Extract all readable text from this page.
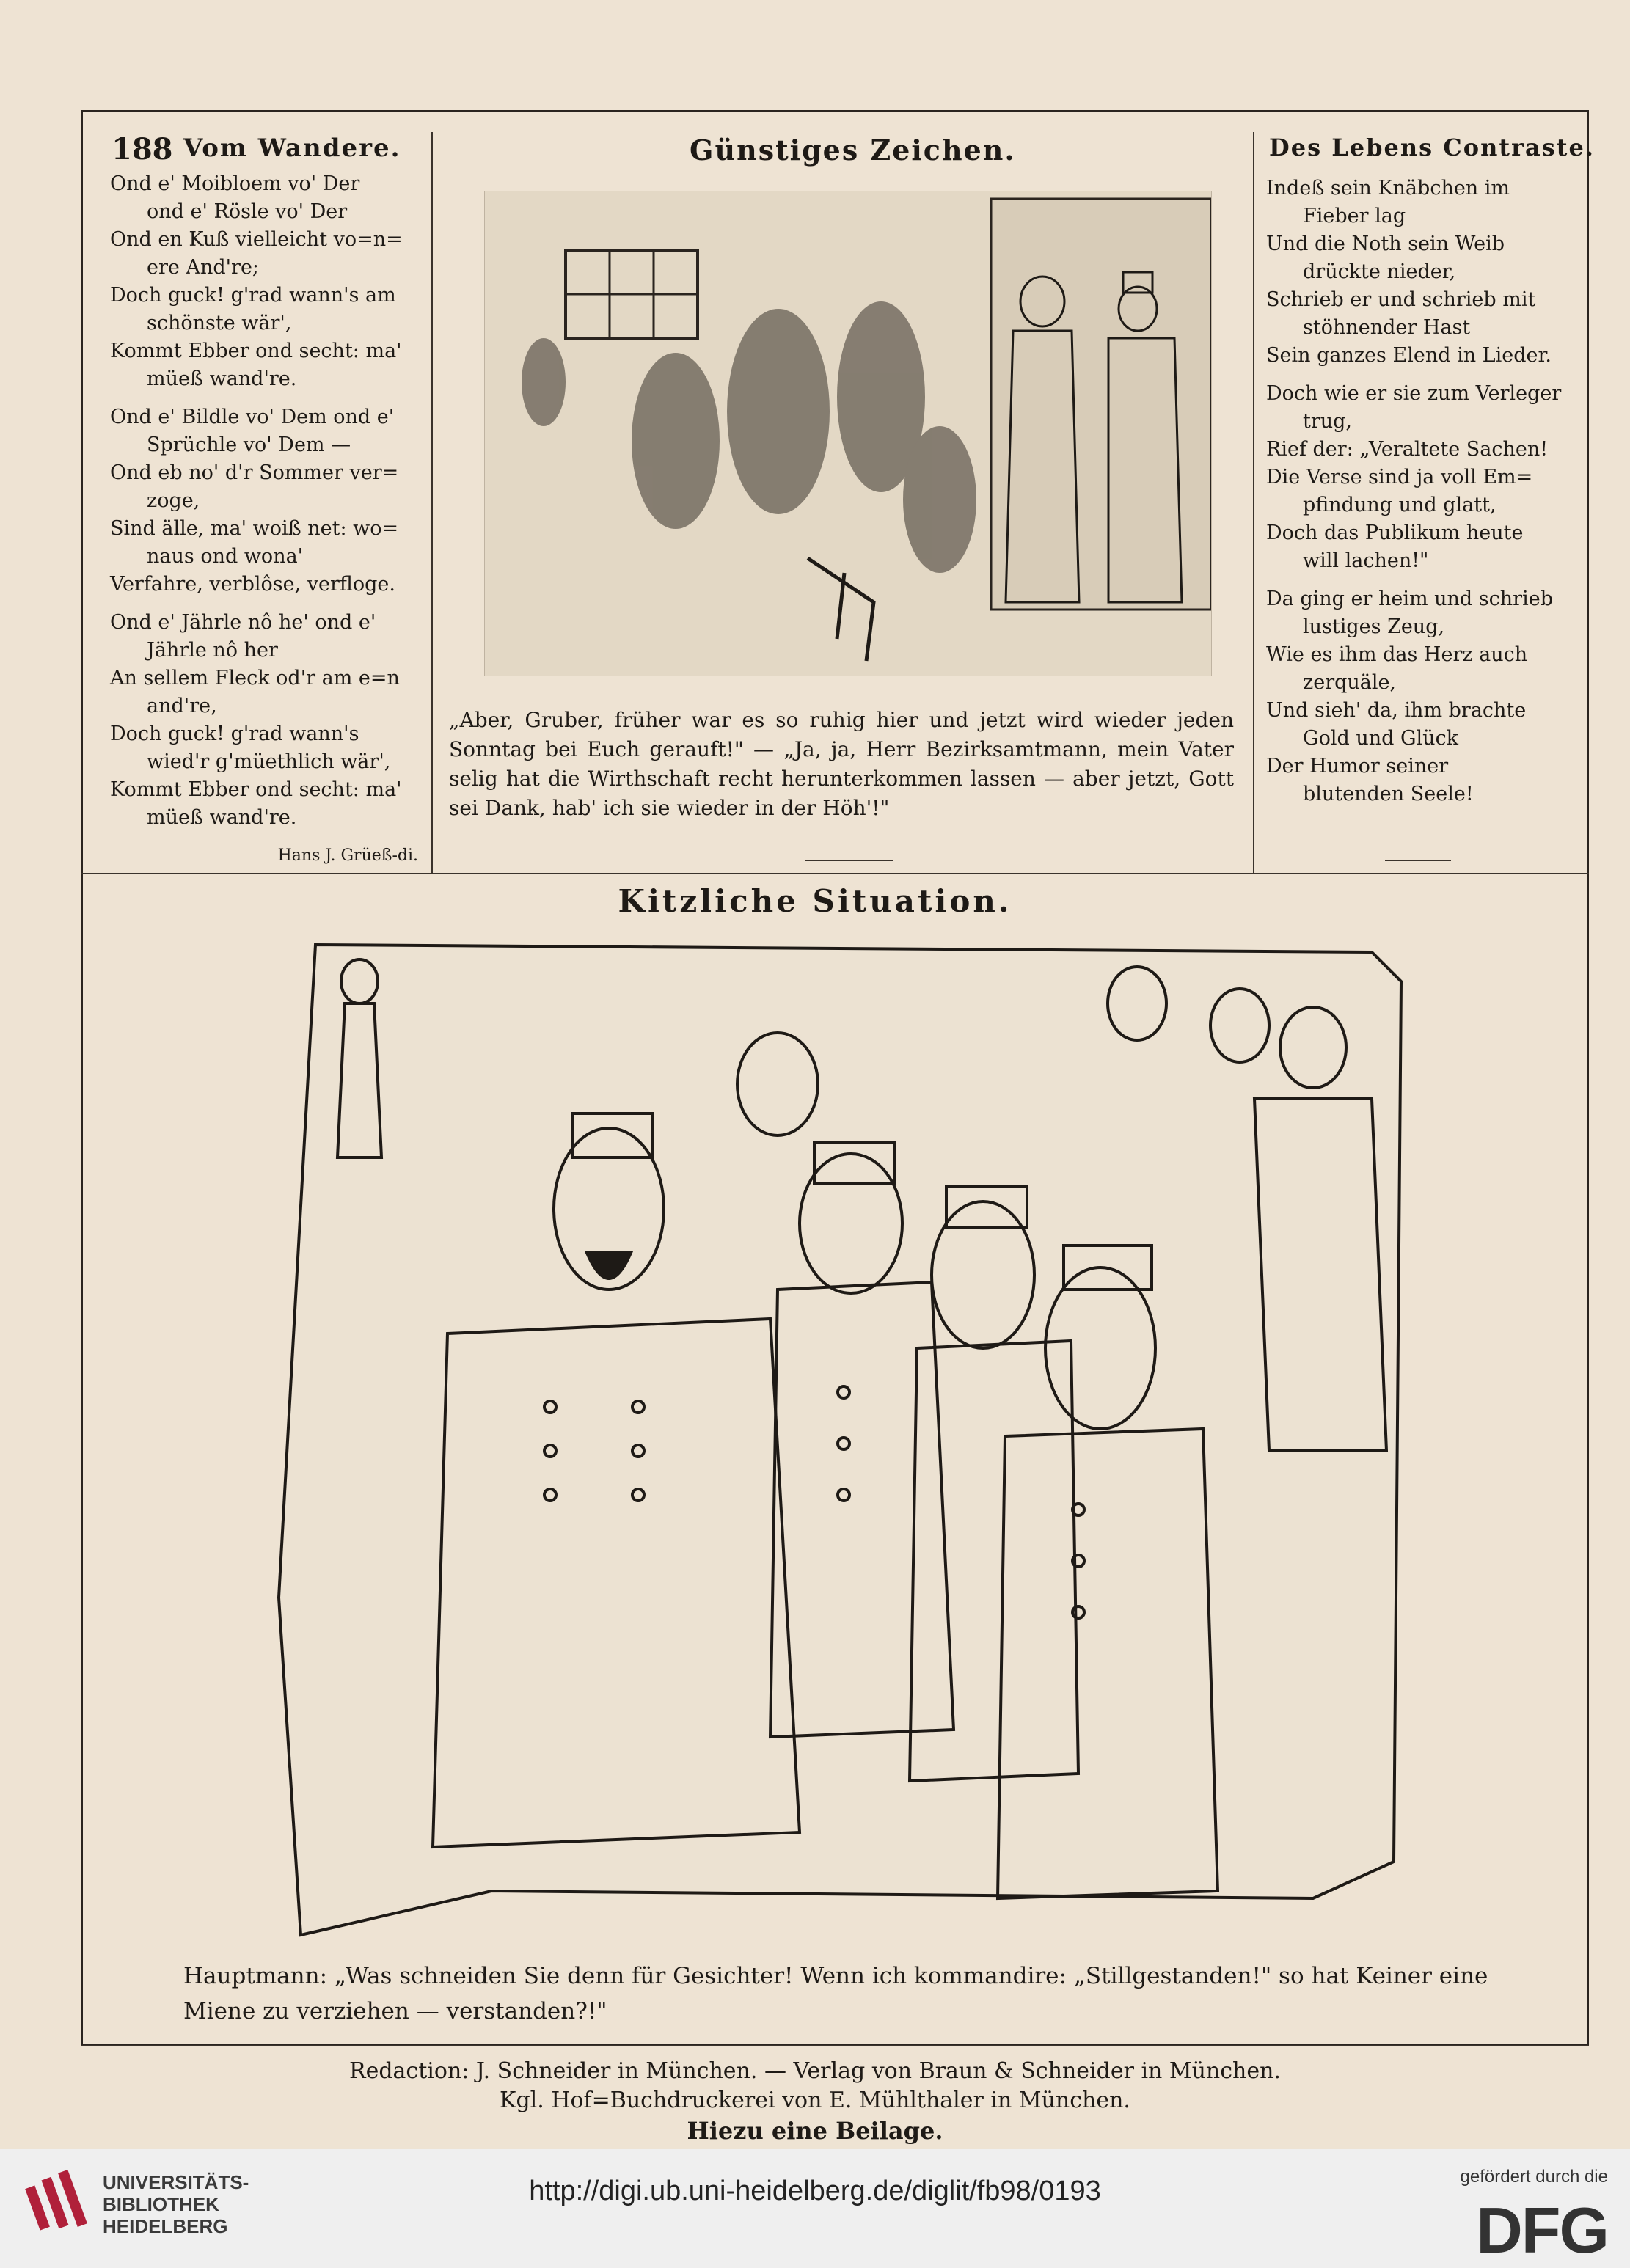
188 Vom Wandere.	Günstiges Zeichen.	Des Lebens Contraste.
Ond e' Moibloem vo' Der
ond e' Rösle vo' Der
Ond en Kuß vielleicht vo=n=
ere And're;
Doch guck! g'rad wann's am
schönste wär',
Kommt Ebber ond secht: ma'
müeß wand're.
Ond e' Bildle vo' Dem ond e'
Sprüchle vo' Dem —
Ond eb no' d'r Sommer ver=
zoge,
Sind älle, ma' woiß net: wo=
naus ond wona'
Verfahre, verblôse, verfloge.
Ond e' Jährle nô he' ond e'
Jährle nô her
An sellem Fleck od'r am e=n
and're,
Doch guck! g'rad wann's
wied'r g'müethlich wär',
Kommt Ebber ond secht: ma'
müeß wand're.
Hans J. Grüeß-di.
„Aber, Gruber, früher war es so ruhig hier und jetzt wird wieder jeden Sonntag bei Euch gerauft!" — „Ja, ja, Herr Bezirksamtmann, mein Vater selig hat die Wirthschaft recht herunterkommen lassen — aber jetzt, Gott sei Dank, hab' ich sie wieder in der Höh'!"
Indeß sein Knäbchen im
Fieber lag
Und die Noth sein Weib
drückte nieder,
Schrieb er und schrieb mit
stöhnender Hast
Sein ganzes Elend in Lieder.
Doch wie er sie zum Verleger
trug,
Rief der: „Veraltete Sachen!
Die Verse sind ja voll Em=
pfindung und glatt,
Doch das Publikum heute
will lachen!"
Da ging er heim und schrieb
lustiges Zeug,
Wie es ihm das Herz auch
zerquäle,
Und sieh' da, ihm brachte
Gold und Glück
Der Humor seiner
blutenden Seele!
Kitzliche Situation.
Hauptmann: „Was schneiden Sie denn für Gesichter! Wenn ich kommandire: „Stillgestanden!" so hat Keiner eine Miene zu verziehen — verstanden?!"
Redaction: J. Schneider in München. — Verlag von Braun & Schneider in München.
Kgl. Hof=Buchdruckerei von E. Mühlthaler in München.
Hiezu eine Beilage.
UNIVERSITÄTS-
BIBLIOTHEK
HEIDELBERG
http://digi.ub.uni-heidelberg.de/diglit/fb98/0193	gefördert durch die
DFG
